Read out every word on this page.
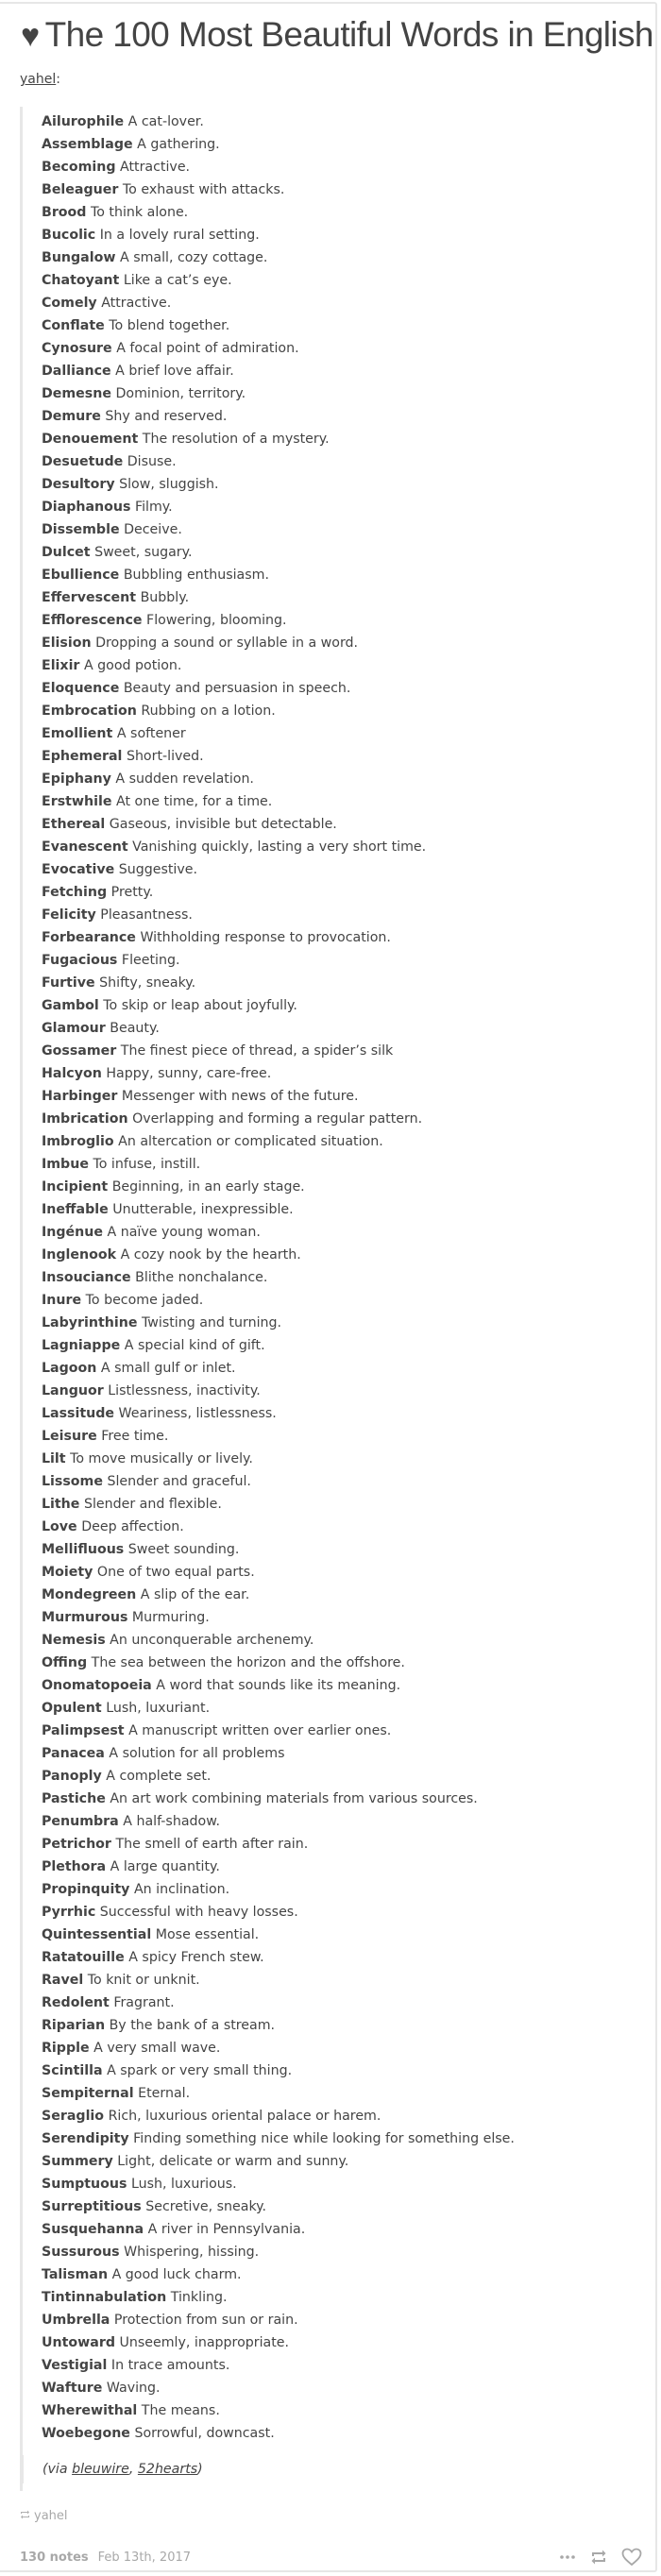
♥ The 100 Most Beautiful Words in English
yahel:
Ailurophile A cat-lover.
Assemblage A gathering.
Becoming Attractive.
Beleaguer To exhaust with attacks.
Brood To think alone.
Bucolic In a lovely rural setting.
Bungalow A small, cozy cottage.
Chatoyant Like a cat’s eye.
Comely Attractive.
Conflate To blend together.
Cynosure A focal point of admiration.
Dalliance A brief love affair.
Demesne Dominion, territory.
Demure Shy and reserved.
Denouement The resolution of a mystery.
Desuetude Disuse.
Desultory Slow, sluggish.
Diaphanous Filmy.
Dissemble Deceive.
Dulcet Sweet, sugary.
Ebullience Bubbling enthusiasm.
Effervescent Bubbly.
Efflorescence Flowering, blooming.
Elision Dropping a sound or syllable in a word.
Elixir A good potion.
Eloquence Beauty and persuasion in speech.
Embrocation Rubbing on a lotion.
Emollient A softener
Ephemeral Short-lived.
Epiphany A sudden revelation.
Erstwhile At one time, for a time.
Ethereal Gaseous, invisible but detectable.
Evanescent Vanishing quickly, lasting a very short time.
Evocative Suggestive.
Fetching Pretty.
Felicity Pleasantness.
Forbearance Withholding response to provocation.
Fugacious Fleeting.
Furtive Shifty, sneaky.
Gambol To skip or leap about joyfully.
Glamour Beauty.
Gossamer The finest piece of thread, a spider’s silk
Halcyon Happy, sunny, care-free.
Harbinger Messenger with news of the future.
Imbrication Overlapping and forming a regular pattern.
Imbroglio An altercation or complicated situation.
Imbue To infuse, instill.
Incipient Beginning, in an early stage.
Ineffable Unutterable, inexpressible.
Ingénue A naïve young woman.
Inglenook A cozy nook by the hearth.
Insouciance Blithe nonchalance.
Inure To become jaded.
Labyrinthine Twisting and turning.
Lagniappe A special kind of gift.
Lagoon A small gulf or inlet.
Languor Listlessness, inactivity.
Lassitude Weariness, listlessness.
Leisure Free time.
Lilt To move musically or lively.
Lissome Slender and graceful.
Lithe Slender and flexible.
Love Deep affection.
Mellifluous Sweet sounding.
Moiety One of two equal parts.
Mondegreen A slip of the ear.
Murmurous Murmuring.
Nemesis An unconquerable archenemy.
Offing The sea between the horizon and the offshore.
Onomatopoeia A word that sounds like its meaning.
Opulent Lush, luxuriant.
Palimpsest A manuscript written over earlier ones.
Panacea A solution for all problems
Panoply A complete set.
Pastiche An art work combining materials from various sources.
Penumbra A half-shadow.
Petrichor The smell of earth after rain.
Plethora A large quantity.
Propinquity An inclination.
Pyrrhic Successful with heavy losses.
Quintessential Mose essential.
Ratatouille A spicy French stew.
Ravel To knit or unknit.
Redolent Fragrant.
Riparian By the bank of a stream.
Ripple A very small wave.
Scintilla A spark or very small thing.
Sempiternal Eternal.
Seraglio Rich, luxurious oriental palace or harem.
Serendipity Finding something nice while looking for something else.
Summery Light, delicate or warm and sunny.
Sumptuous Lush, luxurious.
Surreptitious Secretive, sneaky.
Susquehanna A river in Pennsylvania.
Sussurous Whispering, hissing.
Talisman A good luck charm.
Tintinnabulation Tinkling.
Umbrella Protection from sun or rain.
Untoward Unseemly, inappropriate.
Vestigial In trace amounts.
Wafture Waving.
Wherewithal The means.
Woebegone Sorrowful, downcast.
(via bleuwire, 52hearts)
yahel
130 notes Feb 13th, 2017
